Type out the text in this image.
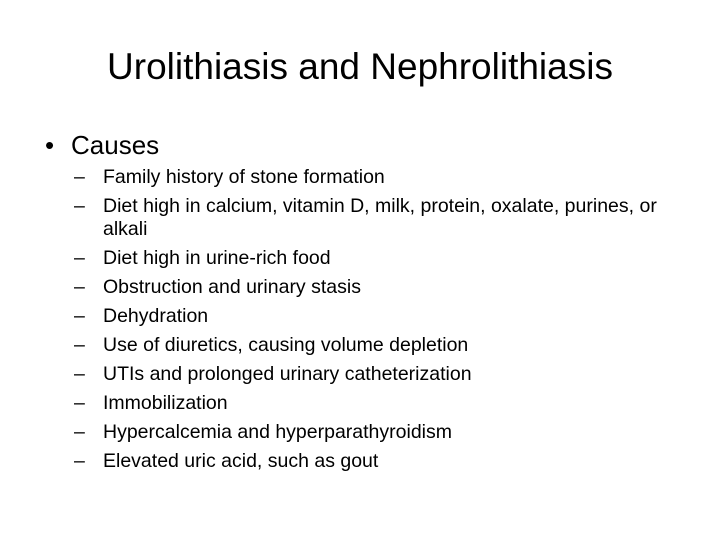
Urolithiasis and Nephrolithiasis
• Causes
– Family history of stone formation
– Diet high in calcium, vitamin D, milk, protein, oxalate, purines, or alkali
– Diet high in urine-rich food
– Obstruction and urinary stasis
– Dehydration
– Use of diuretics, causing volume depletion
– UTIs and prolonged urinary catheterization
– Immobilization
– Hypercalcemia and hyperparathyroidism
– Elevated uric acid, such as gout
